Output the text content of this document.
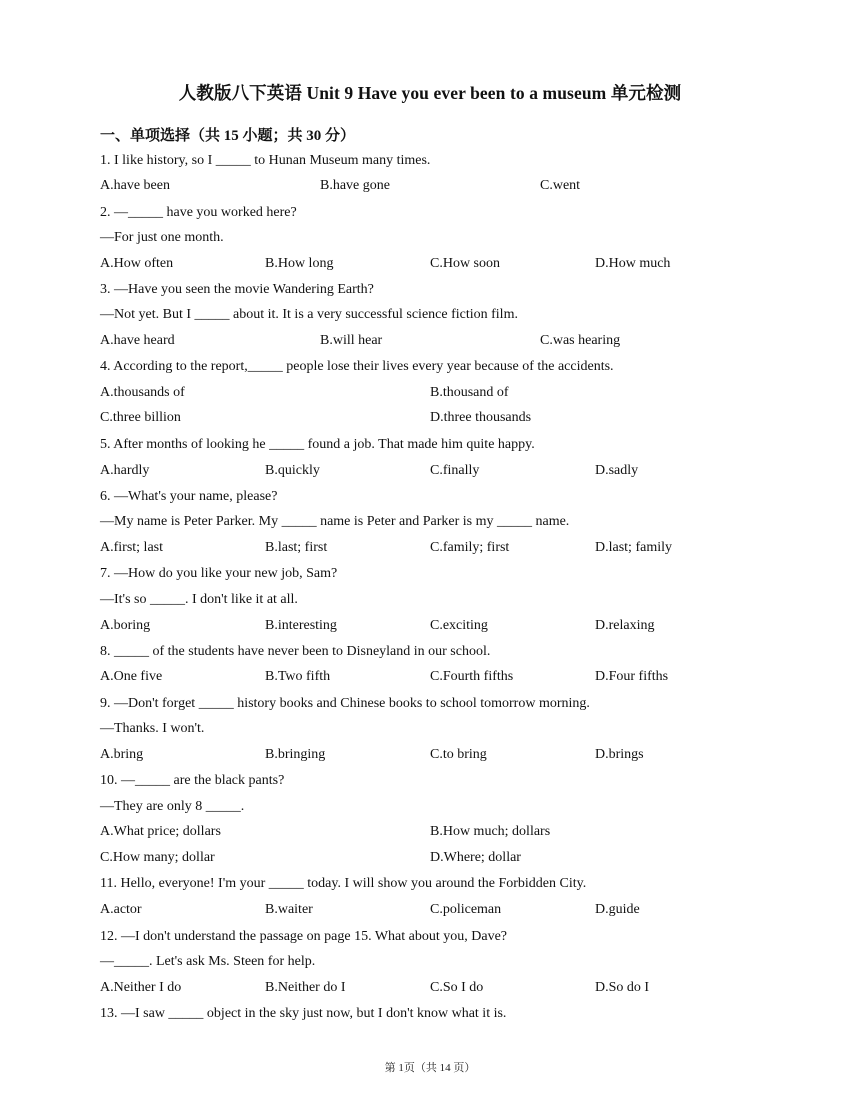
人教版八下英语 Unit 9 Have you ever been to a museum 单元检测
一、单项选择（共 15 小题；共 30 分）
1. I like history, so I _____ to Hunan Museum many times.
A.have been	B.have gone	C.went
2. —_____ have you worked here?
—For just one month.
A.How often	B.How long	C.How soon	D.How much
3. —Have you seen the movie Wandering Earth?
—Not yet. But I _____ about it. It is a very successful science fiction film.
A.have heard	B.will hear	C.was hearing
4. According to the report,_____ people lose their lives every year because of the accidents.
A.thousands of	B.thousand of
C.three billion	D.three thousands
5. After months of looking he _____ found a job. That made him quite happy.
A.hardly	B.quickly	C.finally	D.sadly
6. —What's your name, please?
—My name is Peter Parker. My _____ name is Peter and Parker is my _____ name.
A.first; last	B.last; first	C.family; first	D.last; family
7. —How do you like your new job, Sam?
—It's so _____. I don't like it at all.
A.boring	B.interesting	C.exciting	D.relaxing
8. _____ of the students have never been to Disneyland in our school.
A.One five	B.Two fifth	C.Fourth fifths	D.Four fifths
9. —Don't forget _____ history books and Chinese books to school tomorrow morning.
—Thanks. I won't.
A.bring	B.bringing	C.to bring	D.brings
10. —_____ are the black pants?
—They are only 8 _____.
A.What price; dollars	B.How much; dollars
C.How many; dollar	D.Where; dollar
11. Hello, everyone! I'm your _____ today. I will show you around the Forbidden City.
A.actor	B.waiter	C.policeman	D.guide
12. —I don't understand the passage on page 15. What about you, Dave?
—_____. Let's ask Ms. Steen for help.
A.Neither I do	B.Neither do I	C.So I do	D.So do I
13. —I saw _____ object in the sky just now, but I don't know what it is.
第 1页（共 14 页）
